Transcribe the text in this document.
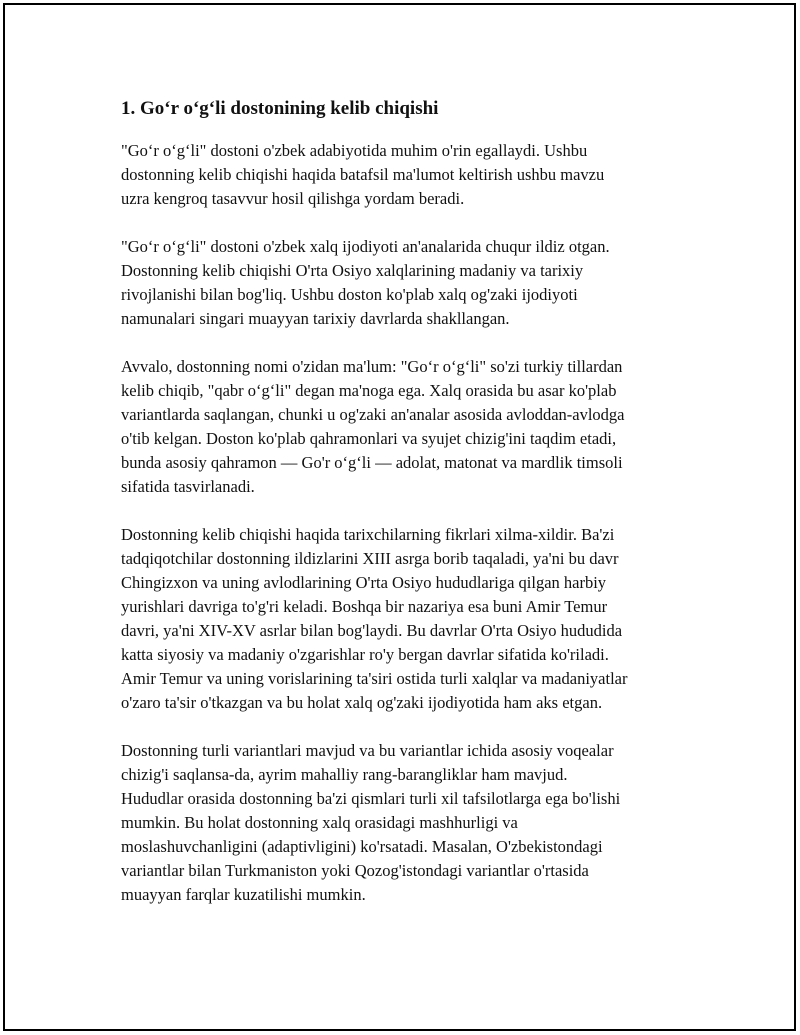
1. Go‘r o‘g‘li dostonining kelib chiqishi
"Go‘r o‘g‘li" dostoni o'zbek adabiyotida muhim o'rin egallaydi. Ushbu
dostonning kelib chiqishi haqida batafsil ma'lumot keltirish ushbu mavzu
uzra kengroq tasavvur hosil qilishga yordam beradi.
"Go‘r o‘g‘li" dostoni o'zbek xalq ijodiyoti an'analarida chuqur ildiz otgan.
Dostonning kelib chiqishi O'rta Osiyo xalqlarining madaniy va tarixiy
rivojlanishi bilan bog'liq. Ushbu doston ko'plab xalq og'zaki ijodiyoti
namunalari singari muayyan tarixiy davrlarda shakllangan.
Avvalo, dostonning nomi o'zidan ma'lum: "Go‘r o‘g‘li" so'zi turkiy tillardan
kelib chiqib, "qabr o‘g‘li" degan ma'noga ega. Xalq orasida bu asar ko'plab
variantlarda saqlangan, chunki u og'zaki an'analar asosida avloddan-avlodga
o'tib kelgan. Doston ko'plab qahramonlari va syujet chizig'ini taqdim etadi,
bunda asosiy qahramon — Go'r o‘g‘li — adolat, matonat va mardlik timsoli
sifatida tasvirlanadi.
Dostonning kelib chiqishi haqida tarixchilarning fikrlari xilma-xildir. Ba'zi
tadqiqotchilar dostonning ildizlarini XIII asrga borib taqaladi, ya'ni bu davr
Chingizxon va uning avlodlarining O'rta Osiyo hududlariga qilgan harbiy
yurishlari davriga to'g'ri keladi. Boshqa bir nazariya esa buni Amir Temur
davri, ya'ni XIV-XV asrlar bilan bog'laydi. Bu davrlar O'rta Osiyo hududida
katta siyosiy va madaniy o'zgarishlar ro'y bergan davrlar sifatida ko'riladi.
Amir Temur va uning vorislarining ta'siri ostida turli xalqlar va madaniyatlar
o'zaro ta'sir o'tkazgan va bu holat xalq og'zaki ijodiyotida ham aks etgan.
Dostonning turli variantlari mavjud va bu variantlar ichida asosiy voqealar
chizig'i saqlansa-da, ayrim mahalliy rang-barangliklar ham mavjud.
Hududlar orasida dostonning ba'zi qismlari turli xil tafsilotlarga ega bo'lishi
mumkin. Bu holat dostonning xalq orasidagi mashhurligi va
moslashuvchanligini (adaptivligini) ko'rsatadi. Masalan, O'zbekistondagi
variantlar bilan Turkmaniston yoki Qozog'istondagi variantlar o'rtasida
muayyan farqlar kuzatilishi mumkin.
